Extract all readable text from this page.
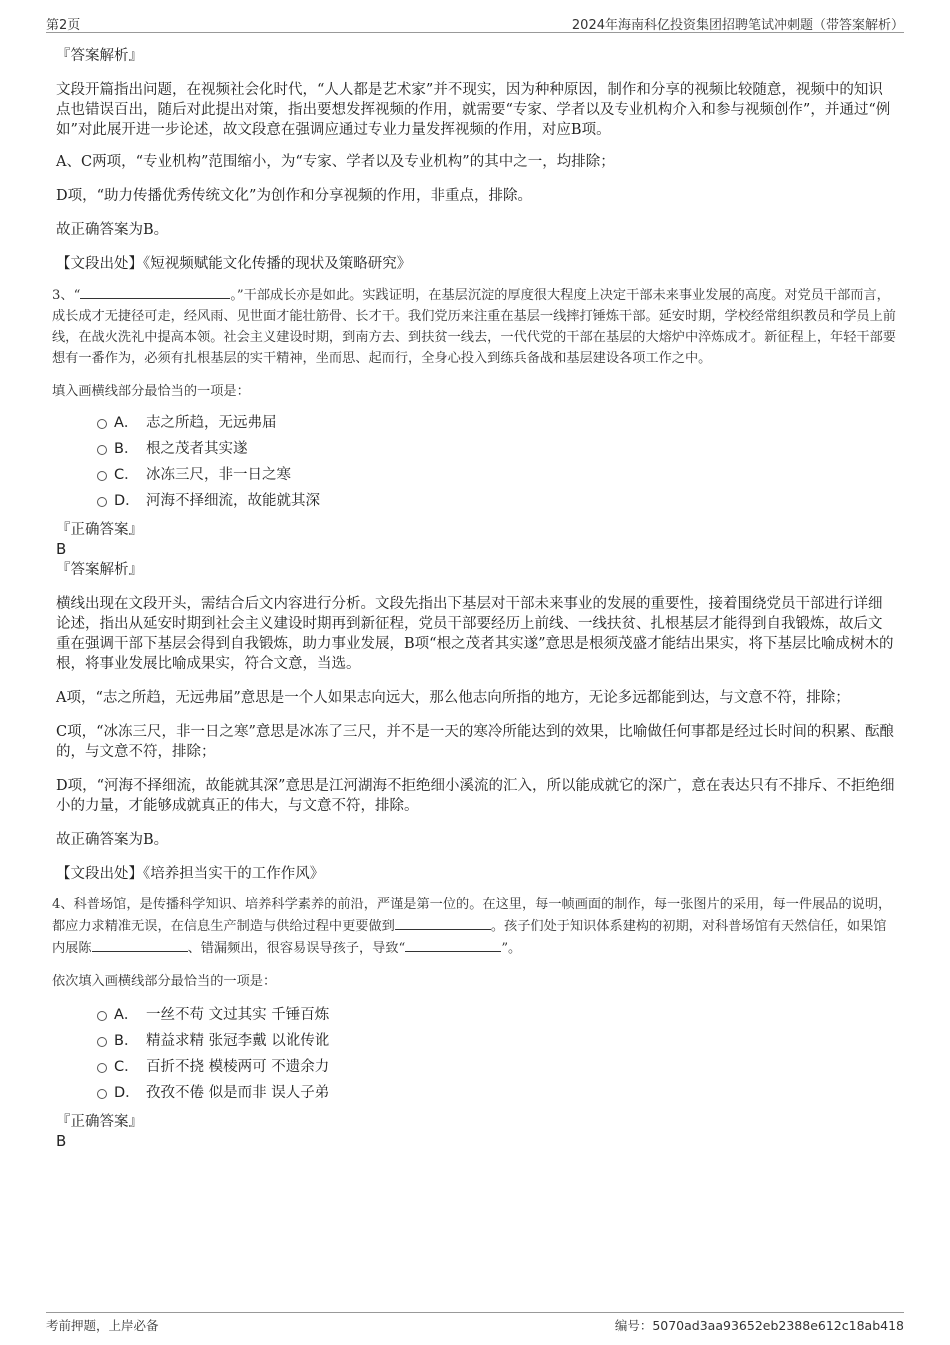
第2页	2024年海南科亿投资集团招聘笔试冲刺题（带答案解析）

『答案解析』

文段开篇指出问题，在视频社会化时代，“人人都是艺术家”并不现实，因为种种原因，制作和分享的视频比较随意，视频中的知识点也错误百出，随后对此提出对策，指出要想发挥视频的作用，就需要“专家、学者以及专业机构介入和参与视频创作”，并通过“例如”对此展开进一步论述，故文段意在强调应通过专业力量发挥视频的作用，对应B项。

A、C两项，“专业机构”范围缩小，为“专家、学者以及专业机构”的其中之一，均排除；

D项，“助力传播优秀传统文化”为创作和分享视频的作用，非重点，排除。

故正确答案为B。

【文段出处】《短视频赋能文化传播的现状及策略研究》

3、“	。”干部成长亦是如此。实践证明，在基层沉淀的厚度很大程度上决定干部未来事业发展的高度。对党员干部而言，成长成才无捷径可走，经风雨、见世面才能壮筋骨、长才干。我们党历来注重在基层一线摔打锤炼干部。延安时期，学校经常组织教员和学员上前线，在战火洗礼中提高本领。社会主义建设时期，到南方去、到扶贫一线去，一代代党的干部在基层的大熔炉中淬炼成才。新征程上，年轻干部要想有一番作为，必须有扎根基层的实干精神，坐而思、起而行，全身心投入到练兵备战和基层建设各项工作之中。

填入画横线部分最恰当的一项是：

A． 志之所趋，无远弗届
B． 根之茂者其实遂
C． 冰冻三尺，非一日之寒
D． 河海不择细流，故能就其深

『正确答案』

B

『答案解析』

横线出现在文段开头，需结合后文内容进行分析。文段先指出下基层对干部未来事业的发展的重要性，接着围绕党员干部进行详细论述，指出从延安时期到社会主义建设时期再到新征程，党员干部要经历上前线、一线扶贫、扎根基层才能得到自我锻炼，故后文重在强调干部下基层会得到自我锻炼，助力事业发展，B项“根之茂者其实遂”意思是根须茂盛才能结出果实，将下基层比喻成树木的根，将事业发展比喻成果实，符合文意，当选。

A项，“志之所趋，无远弗届”意思是一个人如果志向远大，那么他志向所指的地方，无论多远都能到达，与文意不符，排除；

C项，“冰冻三尺，非一日之寒”意思是冰冻了三尺，并不是一天的寒冷所能达到的效果，比喻做任何事都是经过长时间的积累、酝酿的，与文意不符，排除；

D项，“河海不择细流，故能就其深”意思是江河湖海不拒绝细小溪流的汇入，所以能成就它的深广，意在表达只有不排斥、不拒绝细小的力量，才能够成就真正的伟大，与文意不符，排除。

故正确答案为B。

【文段出处】《培养担当实干的工作作风》

4、科普场馆，是传播科学知识、培养科学素养的前沿，严谨是第一位的。在这里，每一帧画面的制作，每一张图片的采用，每一件展品的说明，都应力求精准无误，在信息生产制造与供给过程中更要做到	。孩子们处于知识体系建构的初期，对科普场馆有天然信任，如果馆内展陈	、错漏频出，很容易误导孩子，导致“	”。

依次填入画横线部分最恰当的一项是：

A． 一丝不苟 文过其实 千锤百炼
B． 精益求精 张冠李戴 以讹传讹
C． 百折不挠 模棱两可 不遗余力
D． 孜孜不倦 似是而非 误人子弟

『正确答案』

B

考前押题，上岸必备	编号：5070ad3aa93652eb2388e612c18ab418
